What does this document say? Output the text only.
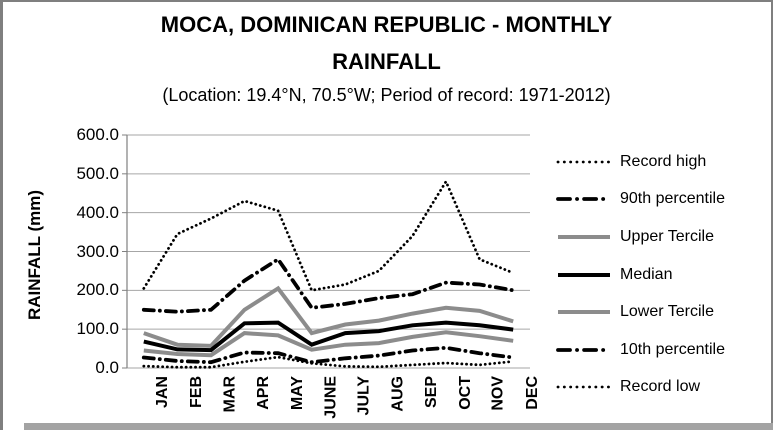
MOCA, DOMINICAN REPUBLIC - MONTHLY
RAINFALL
(Location: 19.4°N, 70.5°W; Period of record: 1971-2012)
RAINFALL (mm)
600.0
500.0
400.0
300.0
200.0
100.0
0.0
JAN FEB MAR APR MAY JUNE JULY AUG SEP OCT NOV DEC
Record high
90th percentile
Upper Tercile
Median
Lower Tercile
10th percentile
Record low
